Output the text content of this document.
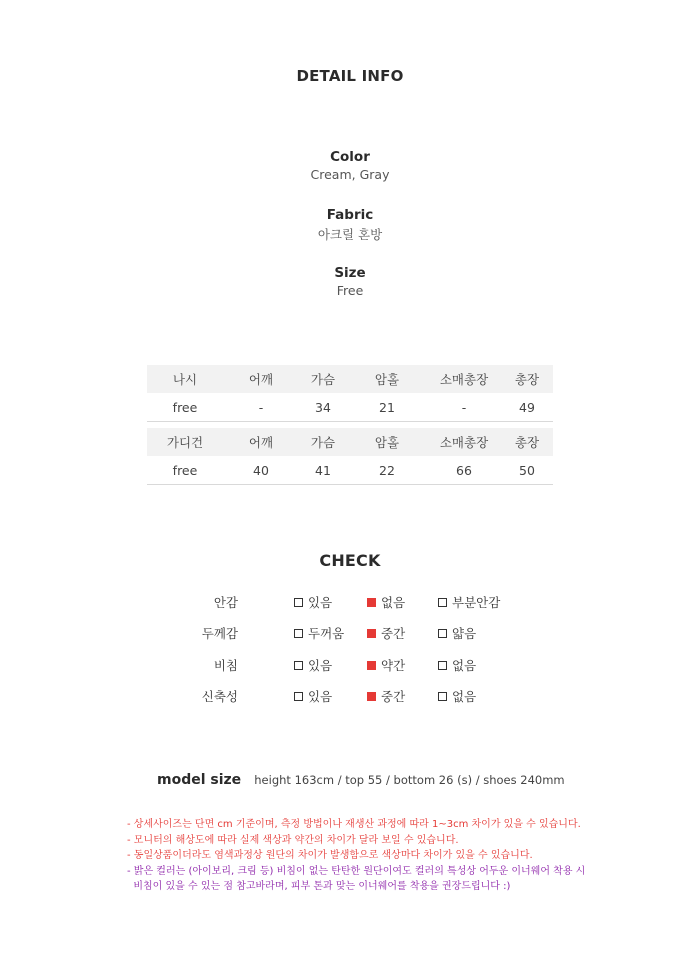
DETAIL INFO
Color
Cream, Gray
Fabric
아크릴 혼방
Size
Free
나시	어깨	가슴	암홀	소매총장	총장
free	-	34	21	-	49
가디건	어깨	가슴	암홀	소매총장	총장
free	40	41	22	66	50
CHECK
안감	있음	없음	부분안감
두께감	두꺼움	중간	얇음
비침	있음	약간	없음
신축성	있음	중간	없음
model size height 163cm / top 55 / bottom 26 (s) / shoes 240mm
- 상세사이즈는 단면 cm 기준이며, 측정 방법이나 재생산 과정에 따라 1~3cm 차이가 있을 수 있습니다.
- 모니터의 해상도에 따라 실제 색상과 약간의 차이가 달라 보일 수 있습니다.
- 동일상품이더라도 염색과정상 원단의 차이가 발생함으로 색상마다 차이가 있을 수 있습니다.
- 밝은 컬러는 (아이보리, 크림 등) 비침이 없는 탄탄한 원단이여도 컬러의 특성상 어두운 이너웨어 착용 시
비침이 있을 수 있는 점 참고바라며, 피부 톤과 맞는 이너웨어를 착용을 권장드립니다 :)
